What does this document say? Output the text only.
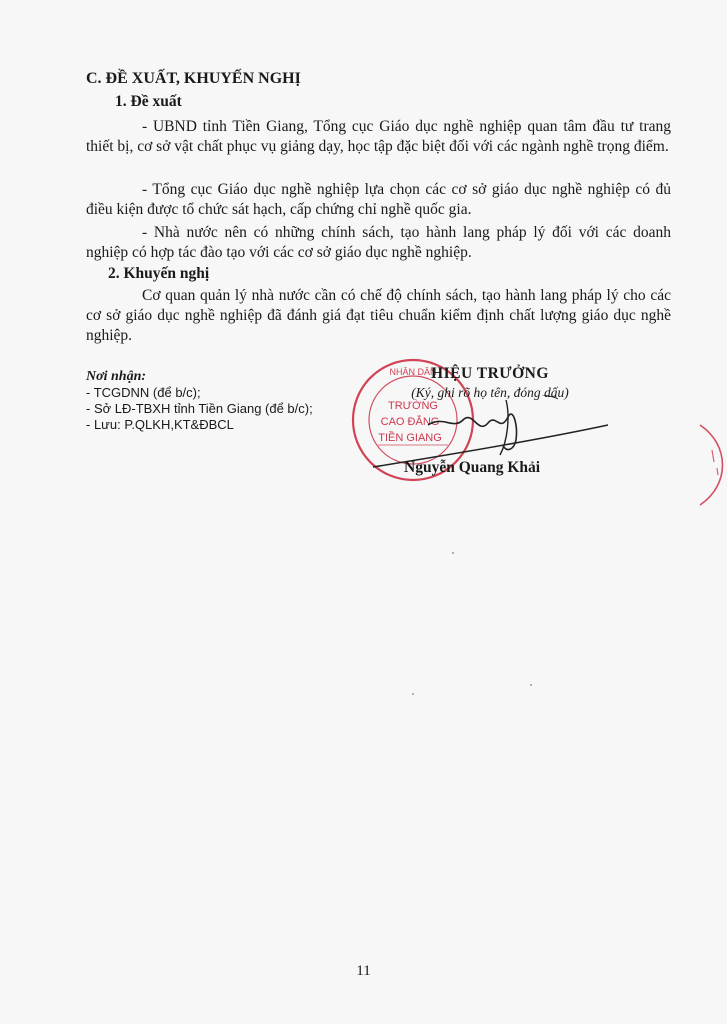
C. ĐỀ XUẤT, KHUYẾN NGHỊ
1. Đề xuất
- UBND tỉnh Tiền Giang, Tổng cục Giáo dục nghề nghiệp quan tâm đầu tư trang thiết bị, cơ sở vật chất phục vụ giảng dạy, học tập đặc biệt đối với các ngành nghề trọng điểm.
- Tổng cục Giáo dục nghề nghiệp lựa chọn các cơ sở giáo dục nghề nghiệp có đủ điều kiện được tổ chức sát hạch, cấp chứng chỉ nghề quốc gia.
- Nhà nước nên có những chính sách, tạo hành lang pháp lý đối với các doanh nghiệp có hợp tác đào tạo với các cơ sở giáo dục nghề nghiệp.
2. Khuyến nghị
Cơ quan quản lý nhà nước cần có chế độ chính sách, tạo hành lang pháp lý cho các cơ sở giáo dục nghề nghiệp đã đánh giá đạt tiêu chuẩn kiểm định chất lượng giáo dục nghề nghiệp.
Nơi nhận:
- TCGDNN (để b/c);
- Sở LĐ-TBXH tỉnh Tiền Giang (để b/c);
- Lưu: P.QLKH,KT&ĐBCL
NHÂN DÂN
TRƯỜNG
CAO ĐẲNG
TIỀN GIANG
HIỆU TRƯỞNG
(Ký, ghi rõ họ tên, đóng dấu)
Nguyễn Quang Khải
11
